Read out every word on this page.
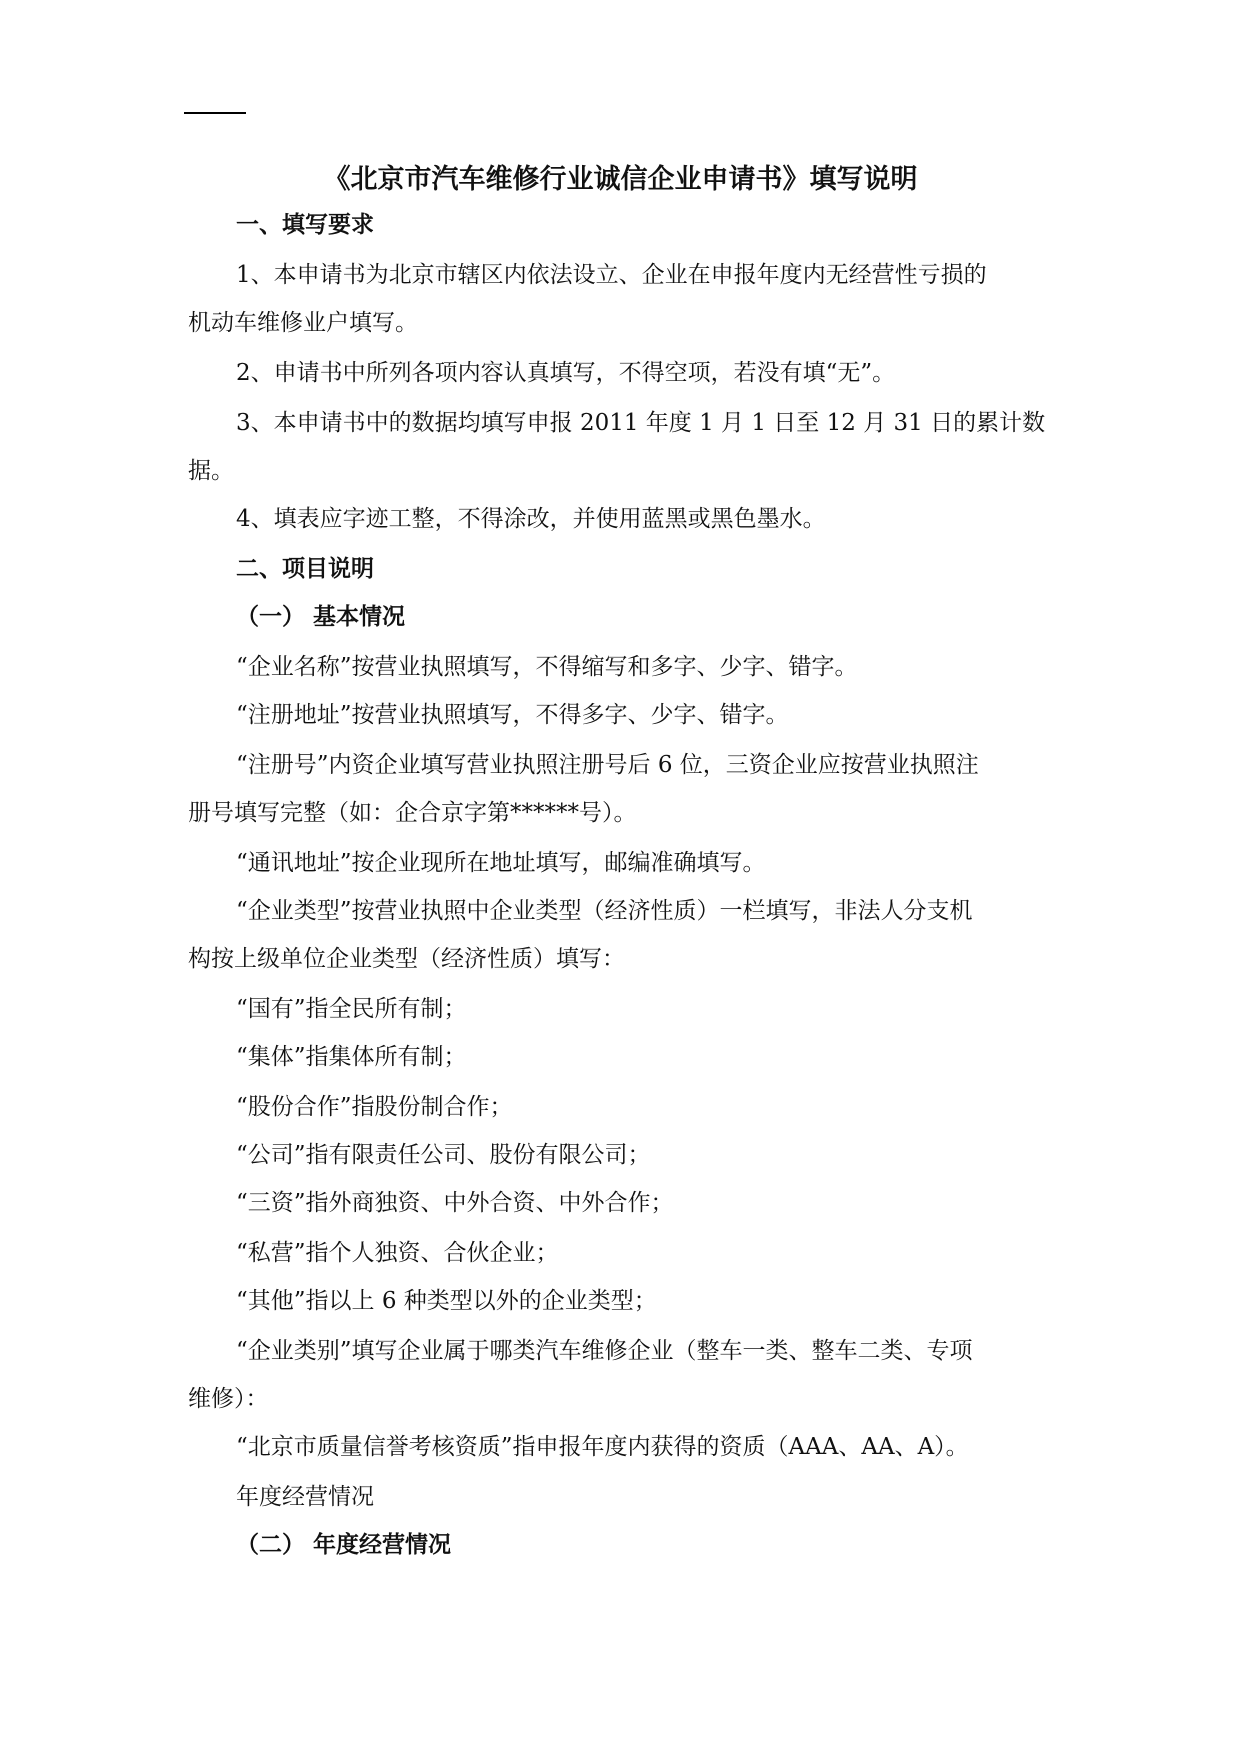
《北京市汽车维修行业诚信企业申请书》填写说明
一、填写要求
1、本申请书为北京市辖区内依法设立、企业在申报年度内无经营性亏损的
机动车维修业户填写。
2、申请书中所列各项内容认真填写，不得空项，若没有填“无”。
3、本申请书中的数据均填写申报 2011 年度 1 月 1 日至 12 月 31 日的累计数
据。
4、填表应字迹工整，不得涂改，并使用蓝黑或黑色墨水。
二、项目说明
（一） 基本情况
“企业名称”按营业执照填写，不得缩写和多字、少字、错字。
“注册地址”按营业执照填写，不得多字、少字、错字。
“注册号”内资企业填写营业执照注册号后 6 位，三资企业应按营业执照注
册号填写完整（如：企合京字第******号）。
“通讯地址”按企业现所在地址填写，邮编准确填写。
“企业类型”按营业执照中企业类型（经济性质）一栏填写，非法人分支机
构按上级单位企业类型（经济性质）填写：
“国有”指全民所有制；
“集体”指集体所有制；
“股份合作”指股份制合作；
“公司”指有限责任公司、股份有限公司；
“三资”指外商独资、中外合资、中外合作；
“私营”指个人独资、合伙企业；
“其他”指以上 6 种类型以外的企业类型；
“企业类别”填写企业属于哪类汽车维修企业（整车一类、整车二类、专项
维修）：
“北京市质量信誉考核资质”指申报年度内获得的资质（AAA、AA、A）。
年度经营情况
（二） 年度经营情况
